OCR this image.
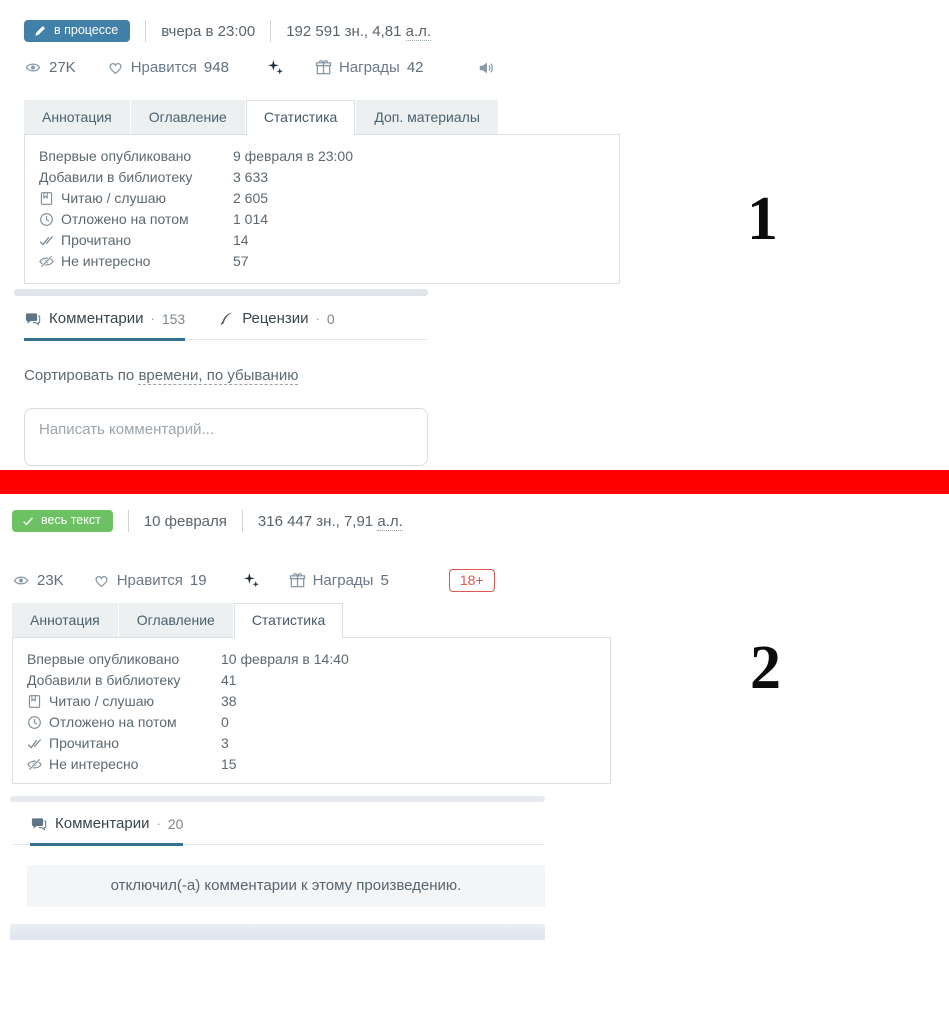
в процессе	вчера в 23:00 192 591 зн., 4,81 а.л.
27K	Нравится 948	Награды 42
Аннотация	Оглавление	Статистика	Доп. материалы
Впервые опубликовано	9 февраля в 23:00
Добавили в библиотеку	3 633
Читаю / слушаю	2 605
Отложено на потом	1 014
Прочитано	14
Не интересно	57
Комментарии · 153	Рецензии · 0
Сортировать по времени, по убыванию
Написать комментарий...
весь текст	10 февраля 316 447 зн., 7,91 а.л.
23K	Нравится 19	Награды 5	18+
Аннотация	Оглавление	Статистика
Впервые опубликовано	10 февраля в 14:40
Добавили в библиотеку	41
Читаю / слушаю	38
Отложено на потом	0
Прочитано	3
Не интересно	15
Комментарии · 20
отключил(-а) комментарии к этому произведению.
1
2
